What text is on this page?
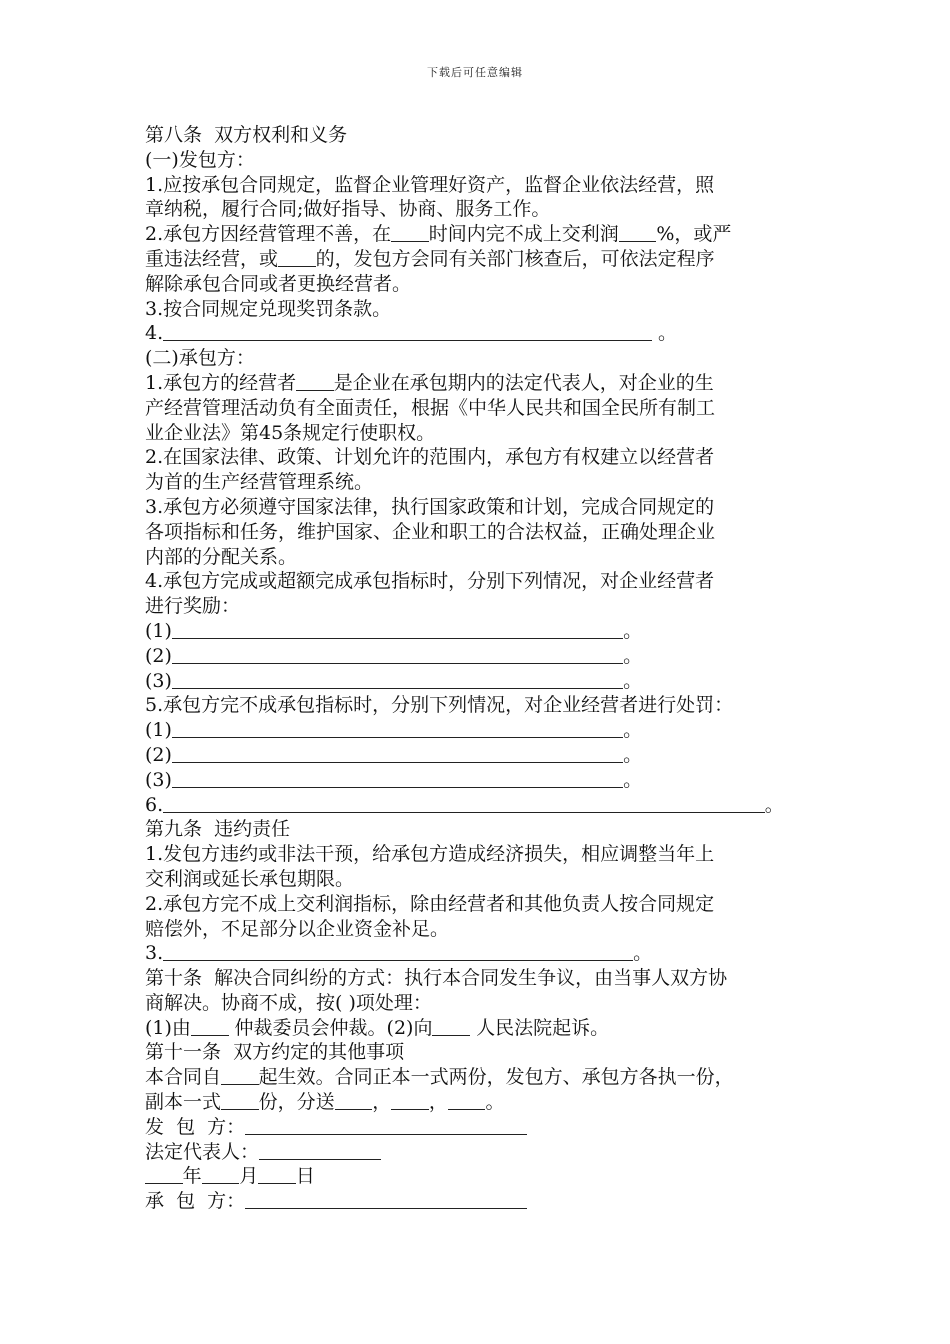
下载后可任意编辑
第八条  双方权利和义务
(一)发包方：
1.应按承包合同规定，监督企业管理好资产，监督企业依法经营，照
章纳税，履行合同;做好指导、协商、服务工作。
2.承包方因经营管理不善，在 时间内完不成上交利润 %，或严
重违法经营，或 的，发包方会同有关部门核查后，可依法定程序
解除承包合同或者更换经营者。
3.按合同规定兑现奖罚条款。
4.	。
(二)承包方：
1.承包方的经营者 是企业在承包期内的法定代表人，对企业的生
产经营管理活动负有全面责任，根据《中华人民共和国全民所有制工
业企业法》第45条规定行使职权。
2.在国家法律、政策、计划允许的范围内，承包方有权建立以经营者
为首的生产经营管理系统。
3.承包方必须遵守国家法律，执行国家政策和计划，完成合同规定的
各项指标和任务，维护国家、企业和职工的合法权益，正确处理企业
内部的分配关系。
4.承包方完成或超额完成承包指标时，分别下列情况，对企业经营者
进行奖励：
(1)	。
(2)	。
(3)	。
5.承包方完不成承包指标时，分别下列情况，对企业经营者进行处罚：
(1)	。
(2)	。
(3)	。
6.	。
第九条  违约责任
1.发包方违约或非法干预，给承包方造成经济损失，相应调整当年上
交利润或延长承包期限。
2.承包方完不成上交利润指标，除由经营者和其他负责人按合同规定
赔偿外，不足部分以企业资金补足。
3.	。
第十条  解决合同纠纷的方式：执行本合同发生争议，由当事人双方协
商解决。协商不成，按( )项处理：
(1)由 仲裁委员会仲裁。(2)向 人民法院起诉。
第十一条  双方约定的其他事项
本合同自 起生效。合同正本一式两份，发包方、承包方各执一份，
副本一式 份，分送 ， ， 。
发  包  方：
法定代表人：
年 月 日
承  包  方：
